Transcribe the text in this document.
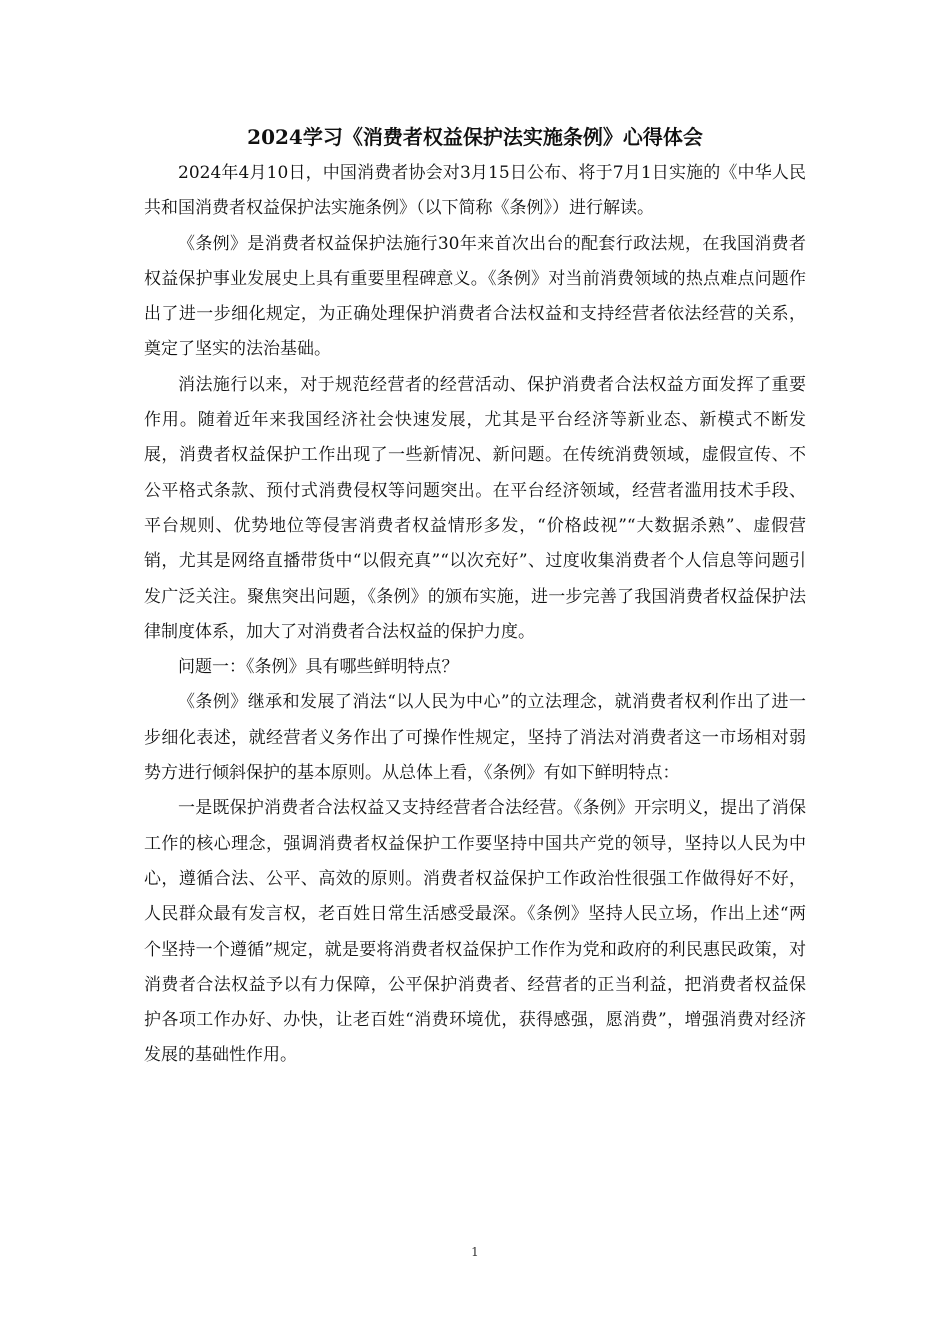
2024学习《消费者权益保护法实施条例》心得体会

2024年4月10日，中国消费者协会对3月15日公布、将于7月1日实施的《中华人民共和国消费者权益保护法实施条例》（以下简称《条例》）进行解读。

《条例》是消费者权益保护法施行30年来首次出台的配套行政法规，在我国消费者权益保护事业发展史上具有重要里程碑意义。《条例》对当前消费领域的热点难点问题作出了进一步细化规定，为正确处理保护消费者合法权益和支持经营者依法经营的关系，奠定了坚实的法治基础。

消法施行以来，对于规范经营者的经营活动、保护消费者合法权益方面发挥了重要作用。随着近年来我国经济社会快速发展，尤其是平台经济等新业态、新模式不断发展，消费者权益保护工作出现了一些新情况、新问题。在传统消费领域，虚假宣传、不公平格式条款、预付式消费侵权等问题突出。在平台经济领域，经营者滥用技术手段、平台规则、优势地位等侵害消费者权益情形多发，“价格歧视”“大数据杀熟”、虚假营销，尤其是网络直播带货中“以假充真”“以次充好”、过度收集消费者个人信息等问题引发广泛关注。聚焦突出问题，《条例》的颁布实施，进一步完善了我国消费者权益保护法律制度体系，加大了对消费者合法权益的保护力度。

问题一：《条例》具有哪些鲜明特点？

《条例》继承和发展了消法“以人民为中心”的立法理念，就消费者权利作出了进一步细化表述，就经营者义务作出了可操作性规定，坚持了消法对消费者这一市场相对弱势方进行倾斜保护的基本原则。从总体上看，《条例》有如下鲜明特点：

一是既保护消费者合法权益又支持经营者合法经营。《条例》开宗明义，提出了消保工作的核心理念，强调消费者权益保护工作要坚持中国共产党的领导，坚持以人民为中心，遵循合法、公平、高效的原则。消费者权益保护工作政治性很强工作做得好不好，人民群众最有发言权，老百姓日常生活感受最深。《条例》坚持人民立场，作出上述“两个坚持一个遵循”规定，就是要将消费者权益保护工作作为党和政府的利民惠民政策，对消费者合法权益予以有力保障，公平保护消费者、经营者的正当利益，把消费者权益保护各项工作办好、办快，让老百姓“消费环境优，获得感强，愿消费”，增强消费对经济发展的基础性作用。

1
